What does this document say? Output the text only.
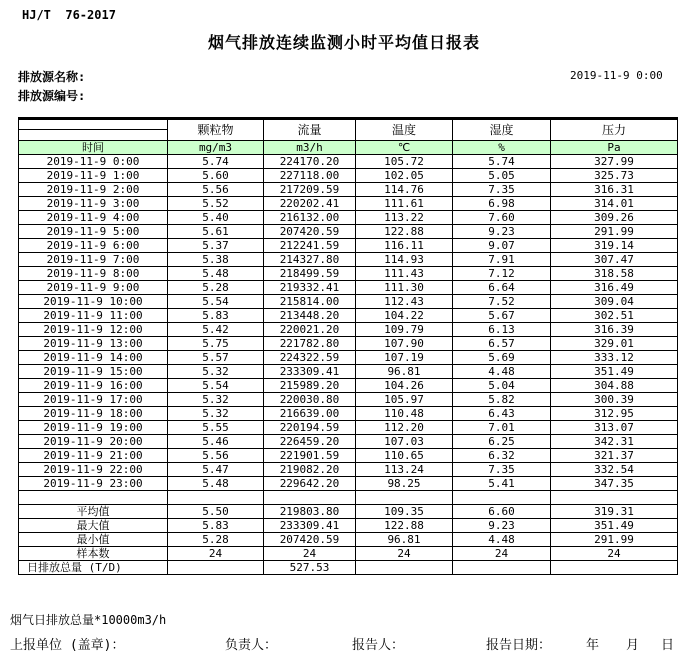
HJ/T  76-2017
烟气排放连续监测小时平均值日报表
排放源名称:
排放源编号:
2019-11-9 0:00
	颗粒物	流量	温度	湿度	压力

时间	mg/m3	m3/h	℃	%	Pa
2019-11-9 0:00	5.74	224170.20	105.72	5.74	327.99
2019-11-9 1:00	5.60	227118.00	102.05	5.05	325.73
2019-11-9 2:00	5.56	217209.59	114.76	7.35	316.31
2019-11-9 3:00	5.52	220202.41	111.61	6.98	314.01
2019-11-9 4:00	5.40	216132.00	113.22	7.60	309.26
2019-11-9 5:00	5.61	207420.59	122.88	9.23	291.99
2019-11-9 6:00	5.37	212241.59	116.11	9.07	319.14
2019-11-9 7:00	5.38	214327.80	114.93	7.91	307.47
2019-11-9 8:00	5.48	218499.59	111.43	7.12	318.58
2019-11-9 9:00	5.28	219332.41	111.30	6.64	316.49
2019-11-9 10:00	5.54	215814.00	112.43	7.52	309.04
2019-11-9 11:00	5.83	213448.20	104.22	5.67	302.51
2019-11-9 12:00	5.42	220021.20	109.79	6.13	316.39
2019-11-9 13:00	5.75	221782.80	107.90	6.57	329.01
2019-11-9 14:00	5.57	224322.59	107.19	5.69	333.12
2019-11-9 15:00	5.32	233309.41	96.81	4.48	351.49
2019-11-9 16:00	5.54	215989.20	104.26	5.04	304.88
2019-11-9 17:00	5.32	220030.80	105.97	5.82	300.39
2019-11-9 18:00	5.32	216639.00	110.48	6.43	312.95
2019-11-9 19:00	5.55	220194.59	112.20	7.01	313.07
2019-11-9 20:00	5.46	226459.20	107.03	6.25	342.31
2019-11-9 21:00	5.56	221901.59	110.65	6.32	321.37
2019-11-9 22:00	5.47	219082.20	113.24	7.35	332.54
2019-11-9 23:00	5.48	229642.20	98.25	5.41	347.35

平均值	5.50	219803.80	109.35	6.60	319.31
最大值	5.83	233309.41	122.88	9.23	351.49
最小值	5.28	207420.59	96.81	4.48	291.99
样本数	24	24	24	24	24
日排放总量 (T/D)		527.53			
烟气日排放总量*10000m3/h
上报单位 (盖章)：	负责人：	报告人：	报告日期：	年 月 日
